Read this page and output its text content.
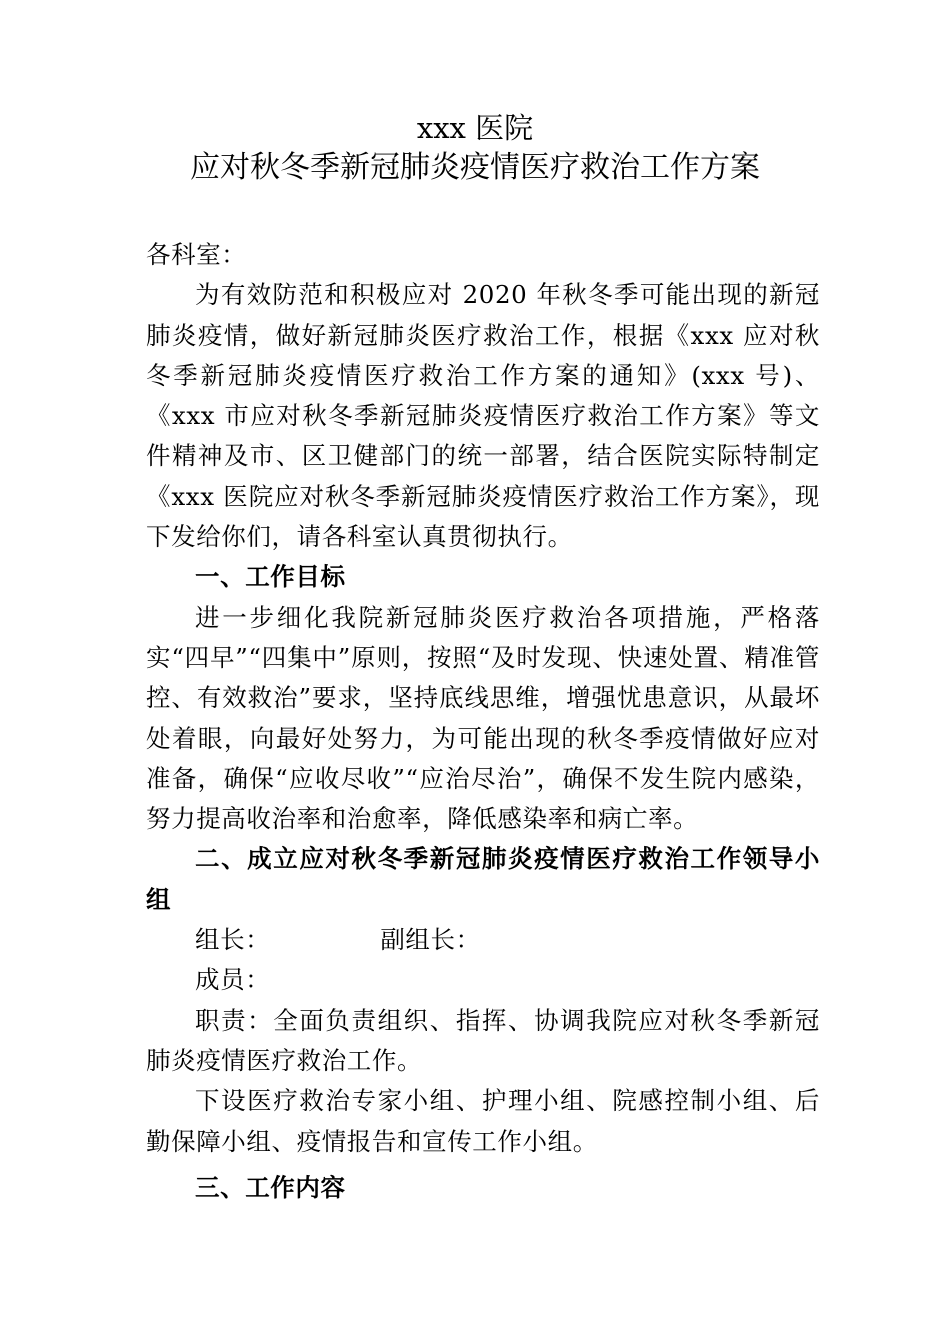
xxx 医院
应对秋冬季新冠肺炎疫情医疗救治工作方案

各科室：

为有效防范和积极应对 2020 年秋冬季可能出现的新冠肺炎疫情，做好新冠肺炎医疗救治工作，根据《xxx 应对秋冬季新冠肺炎疫情医疗救治工作方案的通知》(xxx 号)、《xxx 市应对秋冬季新冠肺炎疫情医疗救治工作方案》等文件精神及市、区卫健部门的统一部署，结合医院实际特制定《xxx 医院应对秋冬季新冠肺炎疫情医疗救治工作方案》，现下发给你们，请各科室认真贯彻执行。

一、工作目标

进一步细化我院新冠肺炎医疗救治各项措施，严格落实“四早”“四集中”原则，按照“及时发现、快速处置、精准管控、有效救治”要求，坚持底线思维，增强忧患意识，从最坏处着眼，向最好处努力，为可能出现的秋冬季疫情做好应对准备，确保“应收尽收”“应治尽治”，确保不发生院内感染，努力提高收治率和治愈率，降低感染率和病亡率。

二、成立应对秋冬季新冠肺炎疫情医疗救治工作领导小组

组长：	副组长：

成员：

职责：全面负责组织、指挥、协调我院应对秋冬季新冠肺炎疫情医疗救治工作。

下设医疗救治专家小组、护理小组、院感控制小组、后勤保障小组、疫情报告和宣传工作小组。

三、工作内容
